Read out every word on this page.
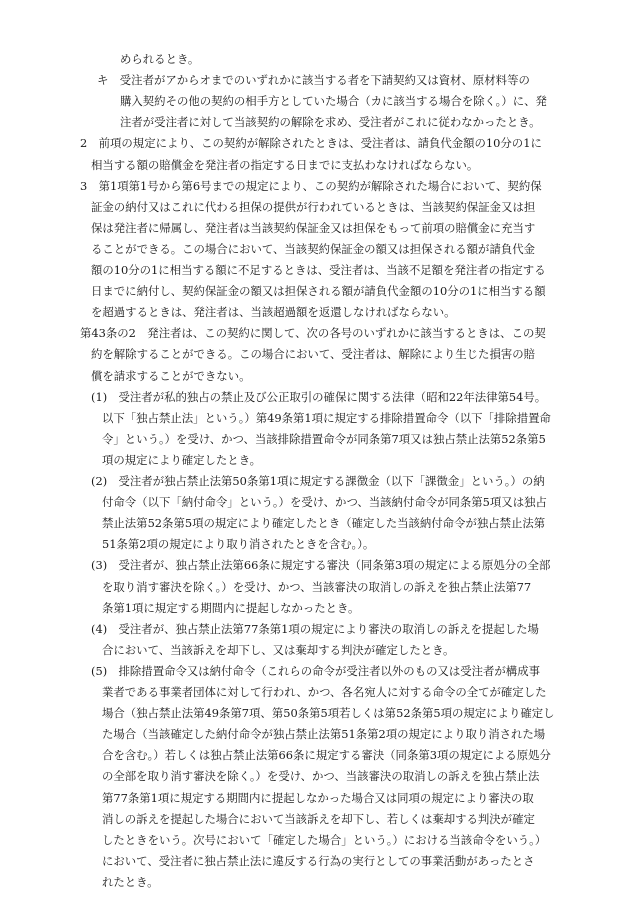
められるとき。
キ　受注者がアからオまでのいずれかに該当する者を下請契約又は資材、原材料等の
購入契約その他の契約の相手方としていた場合（カに該当する場合を除く。）に、発
注者が受注者に対して当該契約の解除を求め、受注者がこれに従わなかったとき。
2　前項の規定により、この契約が解除されたときは、受注者は、請負代金額の10分の1に
相当する額の賠償金を発注者の指定する日までに支払わなければならない。
3　第1項第1号から第6号までの規定により、この契約が解除された場合において、契約保
証金の納付又はこれに代わる担保の提供が行われているときは、当該契約保証金又は担
保は発注者に帰属し、発注者は当該契約保証金又は担保をもって前項の賠償金に充当す
ることができる。この場合において、当該契約保証金の額又は担保される額が請負代金
額の10分の1に相当する額に不足するときは、受注者は、当該不足額を発注者の指定する
日までに納付し、契約保証金の額又は担保される額が請負代金額の10分の1に相当する額
を超過するときは、発注者は、当該超過額を返還しなければならない。
第43条の2　発注者は、この契約に関して、次の各号のいずれかに該当するときは、この契
約を解除することができる。この場合において、受注者は、解除により生じた損害の賠
償を請求することができない。
(1)　受注者が私的独占の禁止及び公正取引の確保に関する法律（昭和22年法律第54号。
以下「独占禁止法」という。）第49条第1項に規定する排除措置命令（以下「排除措置命
令」という。）を受け、かつ、当該排除措置命令が同条第7項又は独占禁止法第52条第5
項の規定により確定したとき。
(2)　受注者が独占禁止法第50条第1項に規定する課徴金（以下「課徴金」という。）の納
付命令（以下「納付命令」という。）を受け、かつ、当該納付命令が同条第5項又は独占
禁止法第52条第5項の規定により確定したとき（確定した当該納付命令が独占禁止法第
51条第2項の規定により取り消されたときを含む。）。
(3)　受注者が、独占禁止法第66条に規定する審決（同条第3項の規定による原処分の全部
を取り消す審決を除く。）を受け、かつ、当該審決の取消しの訴えを独占禁止法第77
条第1項に規定する期間内に提起しなかったとき。
(4)　受注者が、独占禁止法第77条第1項の規定により審決の取消しの訴えを提起した場
合において、当該訴えを却下し、又は棄却する判決が確定したとき。
(5)　排除措置命令又は納付命令（これらの命令が受注者以外のもの又は受注者が構成事
業者である事業者団体に対して行われ、かつ、各名宛人に対する命令の全てが確定した
場合（独占禁止法第49条第7項、第50条第5項若しくは第52条第5項の規定により確定し
た場合（当該確定した納付命令が独占禁止法第51条第2項の規定により取り消された場
合を含む。）若しくは独占禁止法第66条に規定する審決（同条第3項の規定による原処分
の全部を取り消す審決を除く。）を受け、かつ、当該審決の取消しの訴えを独占禁止法
第77条第1項に規定する期間内に提起しなかった場合又は同項の規定により審決の取
消しの訴えを提起した場合において当該訴えを却下し、若しくは棄却する判決が確定
したときをいう。次号において「確定した場合」という。）における当該命令をいう。）
において、受注者に独占禁止法に違反する行為の実行としての事業活動があったとさ
れたとき。
